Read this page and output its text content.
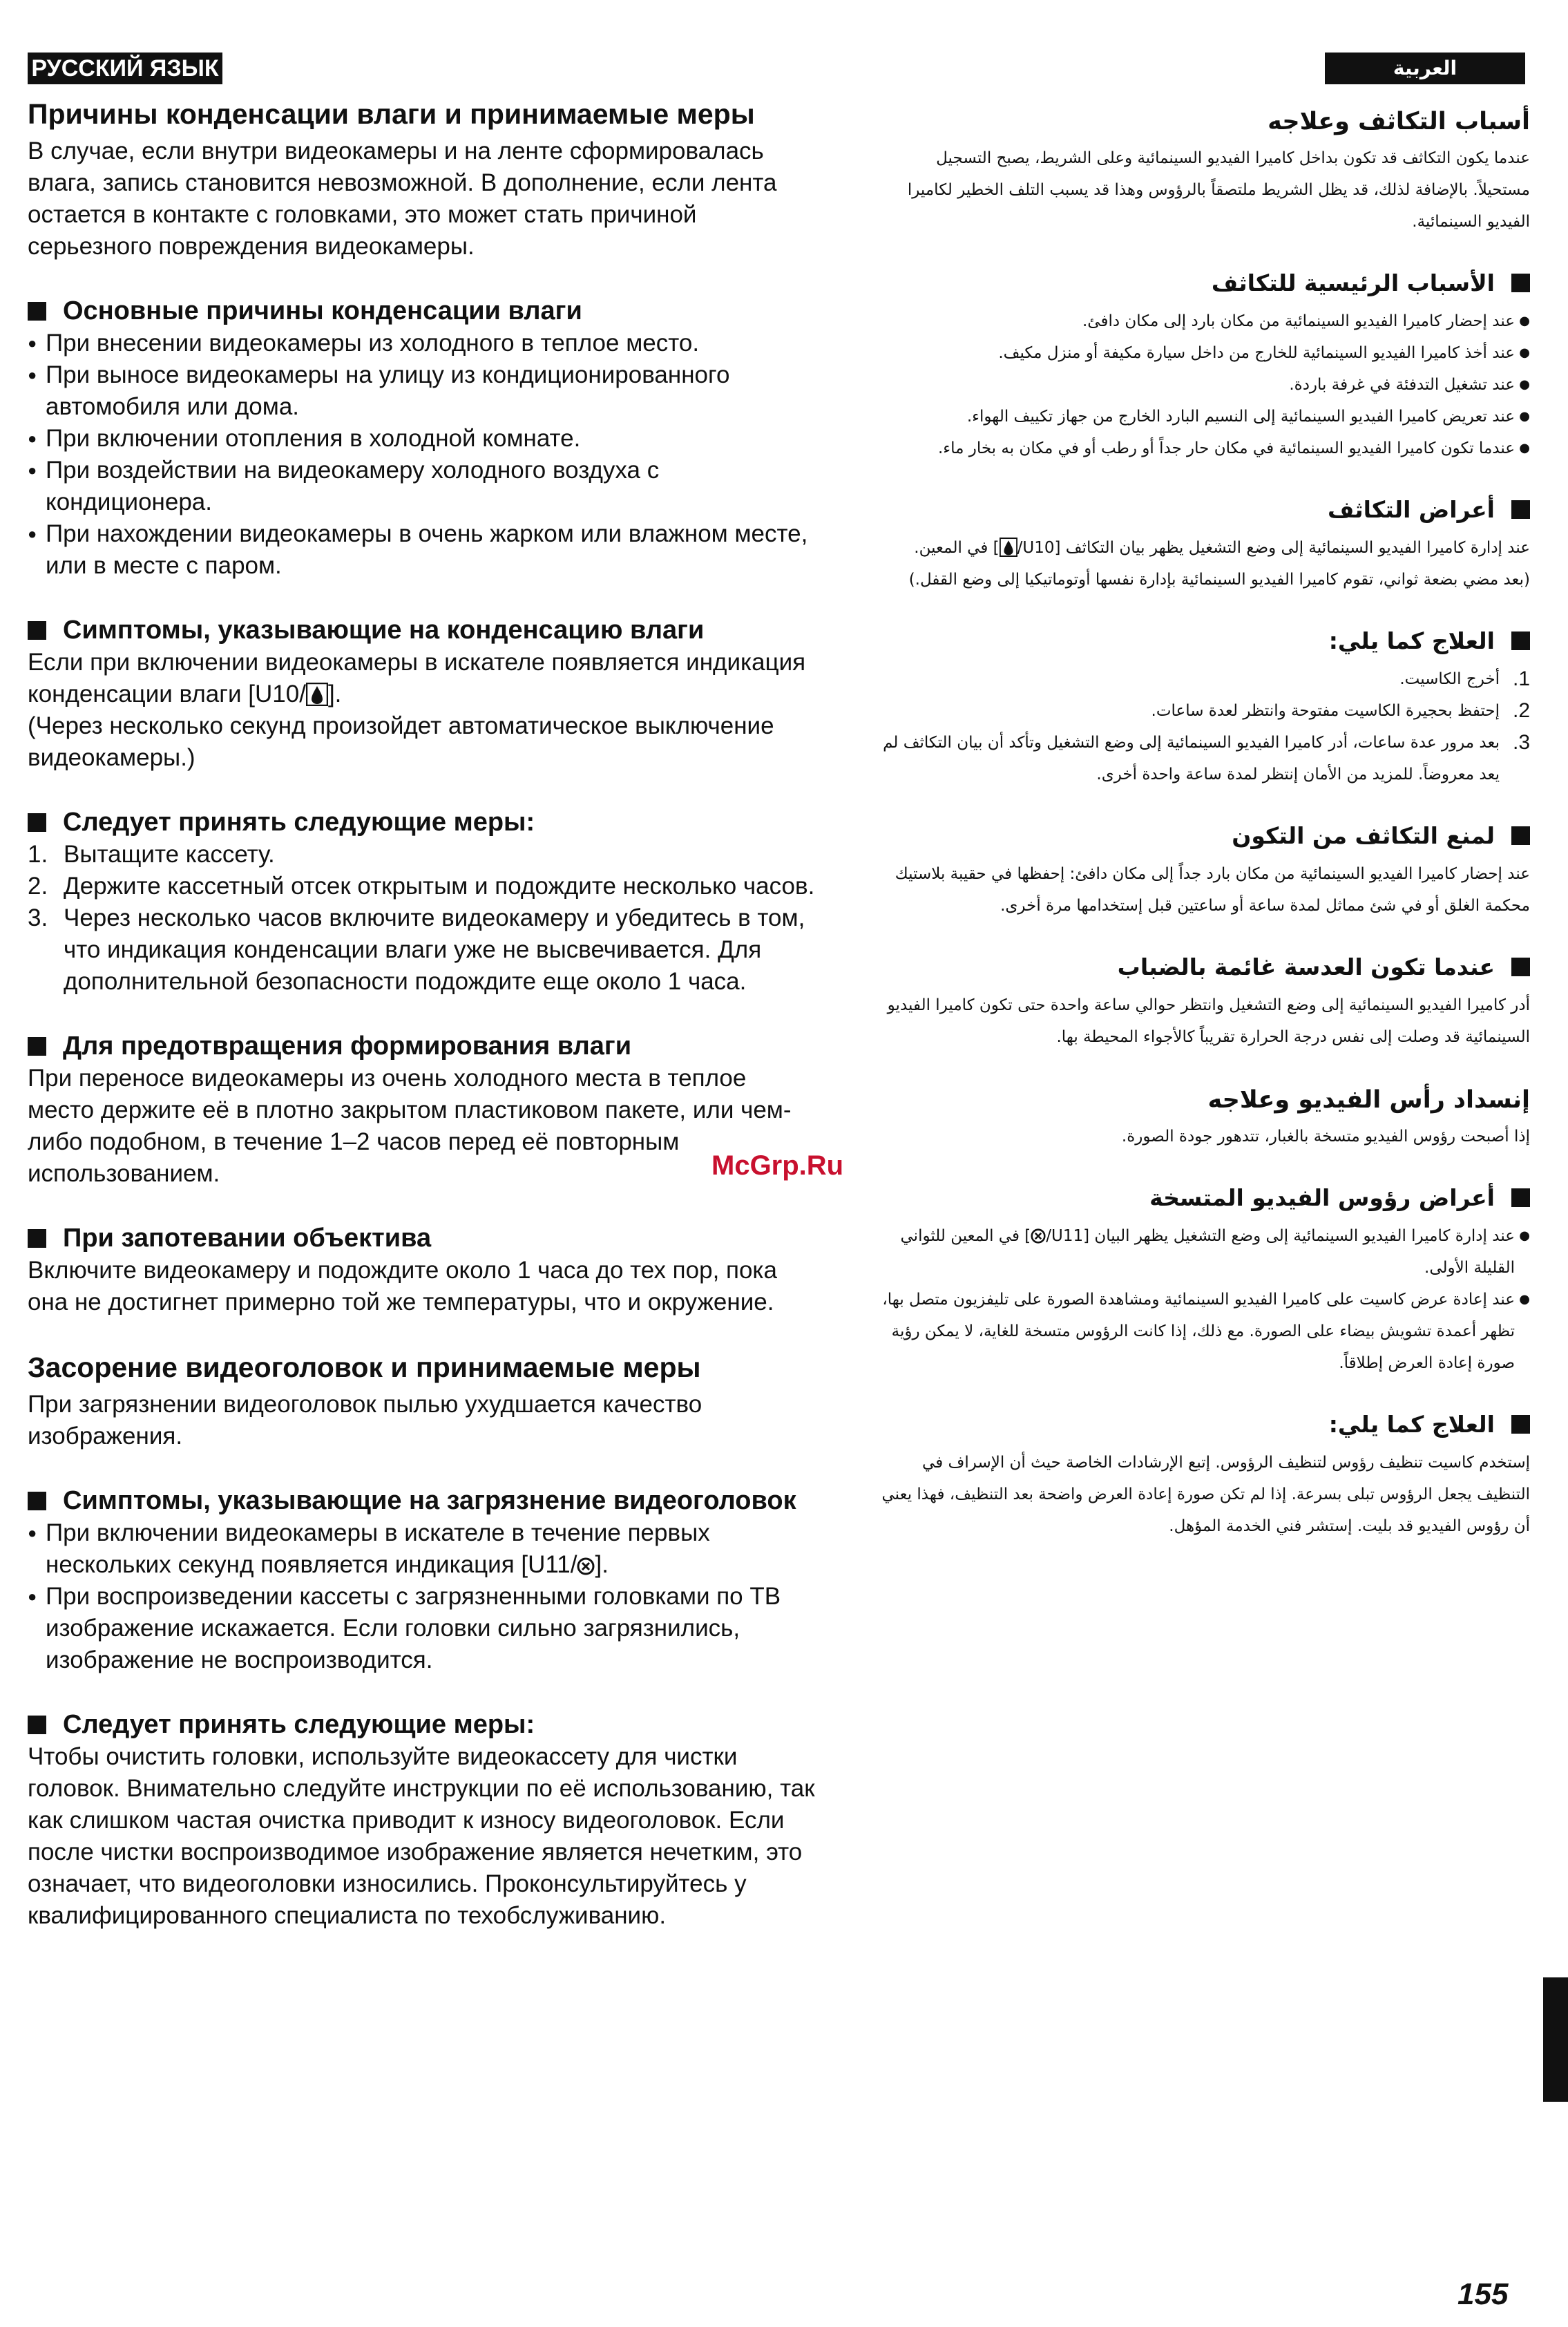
РУССКИЙ ЯЗЫК	العربية
Причины конденсации влаги и принимаемые меры

В случае, если внутри видеокамеры и на ленте сформировалась влага, запись становится невозможной. В дополнение, если лента остается в контакте с головками, это может стать причиной серьезного повреждения видеокамеры.

Основные причины конденсации влаги
● При внесении видеокамеры из холодного в теплое место.
● При выносе видеокамеры на улицу из кондиционированного автомобиля или дома.
● При включении отопления в холодной комнате.
● При воздействии на видеокамеру холодного воздуха с кондиционера.
● При нахождении видеокамеры в очень жарком или влажном месте, или в месте с паром.
Симптомы, указывающие на конденсацию влаги

Если при включении видеокамеры в искателе появляется индикация конденсации влаги [U10/ ].

(Через несколько секунд произойдет автоматическое выключение видеокамеры.)

Следует принять следующие меры:
1. Вытащите кассету.
2. Держите кассетный отсек открытым и подождите несколько часов.
3. Через несколько часов включите видеокамеру и убедитесь в том, что индикация конденсации влаги уже не высвечивается. Для дополнительной безопасности подождите еще около 1 часа.
Для предотвращения формирования влаги

При переносе видеокамеры из очень холодного места в теплое место держите её в плотно закрытом пластиковом пакете, или чем-либо подобном, в течение 1–2 часов перед её повторным использованием.

При запотевании объектива

Включите видеокамеру и подождите около 1 часа до тех пор, пока она не достигнет примерно той же температуры, что и окружение.

Засорение видеоголовок и принимаемые меры

При загрязнении видеоголовок пылью ухудшается качество изображения.

Симптомы, указывающие на загрязнение видеоголовок
● При включении видеокамеры в искателе в течение первых нескольких секунд появляется индикация [U11/ ].
● При воспроизведении кассеты с загрязненными головками по ТВ изображение искажается. Если головки сильно загрязнились, изображение не воспроизводится.
Следует принять следующие меры:

Чтобы очистить головки, используйте видеокассету для чистки головок. Внимательно следуйте инструкции по её использованию, так как слишком частая очистка приводит к износу видеоголовок. Если после чистки воспроизводимое изображение является нечетким, это означает, что видеоголовки износились. Проконсультируйтесь у квалифицированного специалиста по техобслуживанию.

أسباب التكاثف وعلاجه

عندما يكون التكاثف قد تكون بداخل كاميرا الفيديو السينمائية وعلى الشريط، يصبح التسجيل مستحيلاً. بالإضافة لذلك، قد يظل الشريط ملتصقاً بالرؤوس وهذا قد يسبب التلف الخطير لكاميرا الفيديو السينمائية.

الأسباب الرئيسية للتكاثف
● عند إحضار كاميرا الفيديو السينمائية من مكان بارد إلى مكان دافئ.
● عند أخذ كاميرا الفيديو السينمائية للخارج من داخل سيارة مكيفة أو منزل مكيف.
● عند تشغيل التدفئة في غرفة باردة.
● عند تعريض كاميرا الفيديو السينمائية إلى النسيم البارد الخارج من جهاز تكييف الهواء.
● عندما تكون كاميرا الفيديو السينمائية في مكان حار جداً أو رطب أو في مكان به بخار ماء.
أعراض التكاثف

عند إدارة كاميرا الفيديو السينمائية إلى وضع التشغيل يظهر بيان التكاثف [U10/] في المعين.

(بعد مضي بضعة ثواني، تقوم كاميرا الفيديو السينمائية بإدارة نفسها أوتوماتيكيا إلى وضع القفل.)

العلاج كما يلي:
1.
أخرج الكاسيت.
2.
إحتفظ بحجيرة الكاسيت مفتوحة وانتظر لعدة ساعات.
3.
بعد مرور عدة ساعات، أدر كاميرا الفيديو السينمائية إلى وضع التشغيل وتأكد أن بيان التكاثف لم يعد معروضاً. للمزيد من الأمان إنتظر لمدة ساعة واحدة أخرى.
لمنع التكاثف من التكون

عند إحضار كاميرا الفيديو السينمائية من مكان بارد جداً إلى مكان دافئ: إحفظها في حقيبة بلاستيك محكمة الغلق أو في شئ مماثل لمدة ساعة أو ساعتين قبل إستخدامها مرة أخرى.

عندما تكون العدسة غائمة بالضباب

أدر كاميرا الفيديو السينمائية إلى وضع التشغيل وانتظر حوالي ساعة واحدة حتى تكون كاميرا الفيديو السينمائية قد وصلت إلى نفس درجة الحرارة تقريباً كالأجواء المحيطة بها.

إنسداد رأس الفيديو وعلاجه

إذا أصبحت رؤوس الفيديو متسخة بالغبار، تتدهور جودة الصورة.

أعراض رؤوس الفيديو المتسخة
● عند إدارة كاميرا الفيديو السينمائية إلى وضع التشغيل يظهر البيان [U11/] في المعين للثواني القليلة الأولى.
● عند إعادة عرض كاسيت على كاميرا الفيديو السينمائية ومشاهدة الصورة على تليفزيون متصل بها، تظهر أعمدة تشويش بيضاء على الصورة. مع ذلك، إذا كانت الرؤوس متسخة للغاية، لا يمكن رؤية صورة إعادة العرض إطلاقاً.
العلاج كما يلي:

إستخدم كاسيت تنظيف رؤوس لتنظيف الرؤوس. إتبع الإرشادات الخاصة حيث أن الإسراف في التنظيف يجعل الرؤوس تبلى بسرعة. إذا لم تكن صورة إعادة العرض واضحة بعد التنظيف، فهذا يعني أن رؤوس الفيديو قد بليت. إستشر فني الخدمة المؤهل.

McGrp.Ru
155
